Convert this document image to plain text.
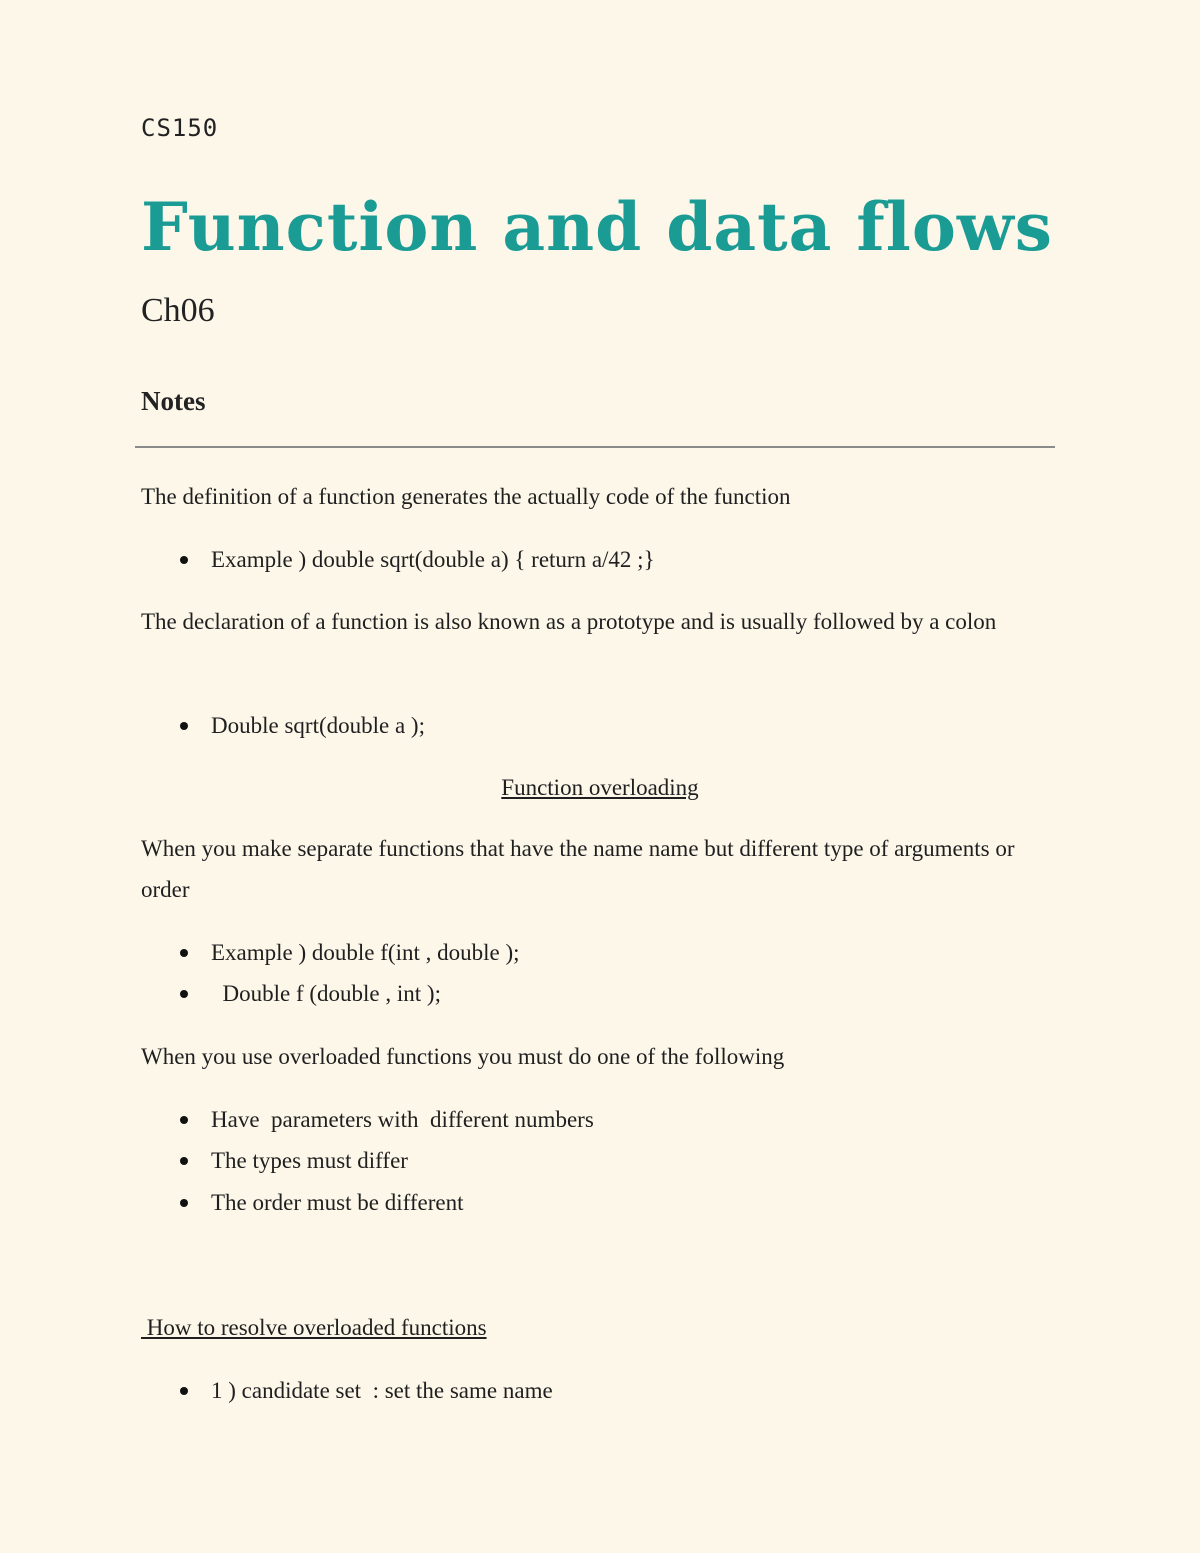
CS150
Function and data flows
Ch06
Notes
The definition of a function generates the actually code of the function

Example ) double sqrt(double a) { return a/42 ;}

The declaration of a function is also known as a prototype and is usually followed by a colon

Double sqrt(double a );

Function overloading
When you make separate functions that have the name name but different type of arguments or order

Example ) double f(int , double );

Double f (double , int );

When you use overloaded functions you must do one of the following

Have  parameters with  different numbers

The types must differ

The order must be different

How to resolve overloaded functions

1 ) candidate set  : set the same name
